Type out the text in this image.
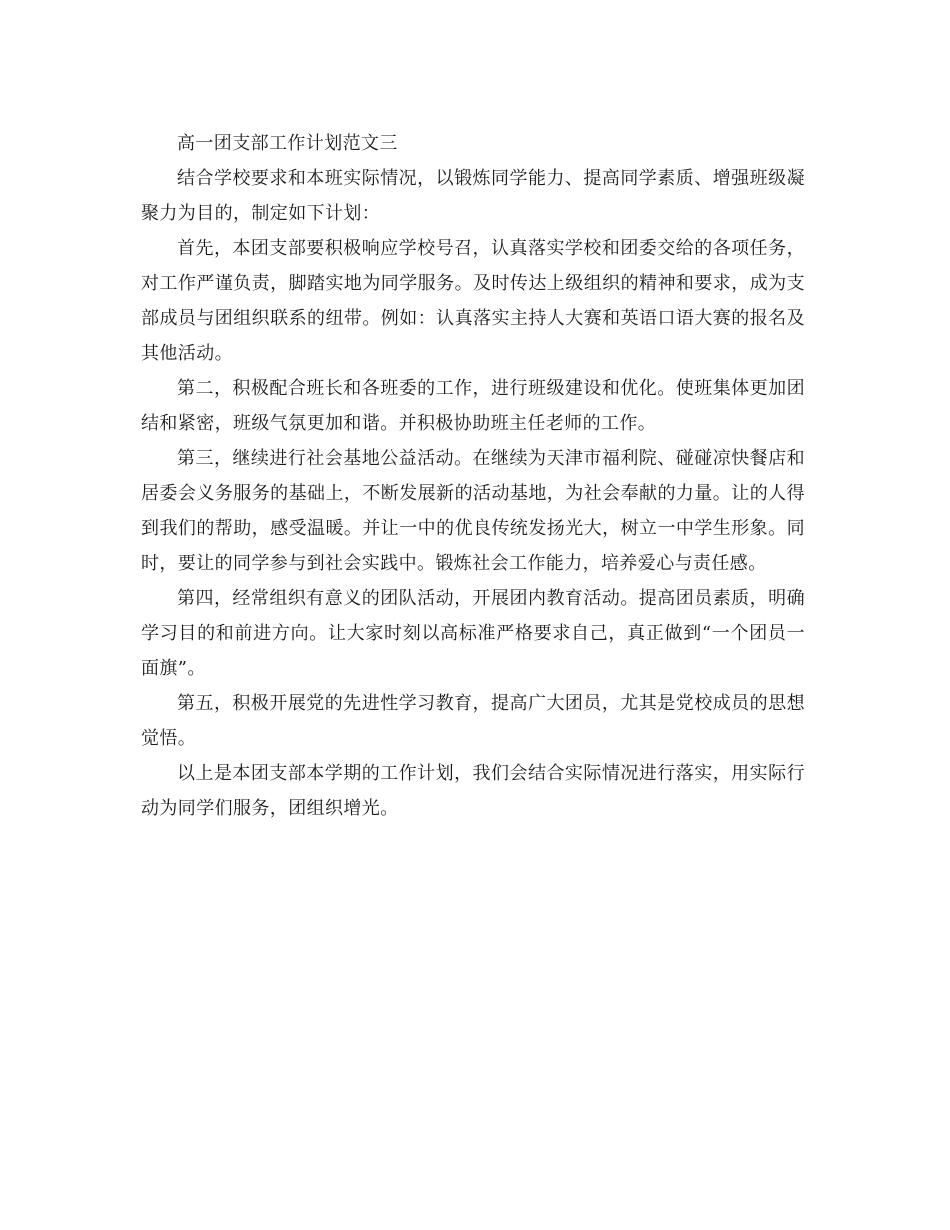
高一团支部工作计划范文三

结合学校要求和本班实际情况，以锻炼同学能力、提高同学素质、增强班级凝聚力为目的，制定如下计划：

首先，本团支部要积极响应学校号召，认真落实学校和团委交给的各项任务，对工作严谨负责，脚踏实地为同学服务。及时传达上级组织的精神和要求，成为支部成员与团组织联系的纽带。例如：认真落实主持人大赛和英语口语大赛的报名及其他活动。

第二，积极配合班长和各班委的工作，进行班级建设和优化。使班集体更加团结和紧密，班级气氛更加和谐。并积极协助班主任老师的工作。

第三，继续进行社会基地公益活动。在继续为天津市福利院、碰碰凉快餐店和居委会义务服务的基础上，不断发展新的活动基地，为社会奉献的力量。让的人得到我们的帮助，感受温暖。并让一中的优良传统发扬光大，树立一中学生形象。同时，要让的同学参与到社会实践中。锻炼社会工作能力，培养爱心与责任感。

第四，经常组织有意义的团队活动，开展团内教育活动。提高团员素质，明确学习目的和前进方向。让大家时刻以高标准严格要求自己，真正做到“一个团员一面旗”。

第五，积极开展党的先进性学习教育，提高广大团员，尤其是党校成员的思想觉悟。

以上是本团支部本学期的工作计划，我们会结合实际情况进行落实，用实际行动为同学们服务，团组织增光。
